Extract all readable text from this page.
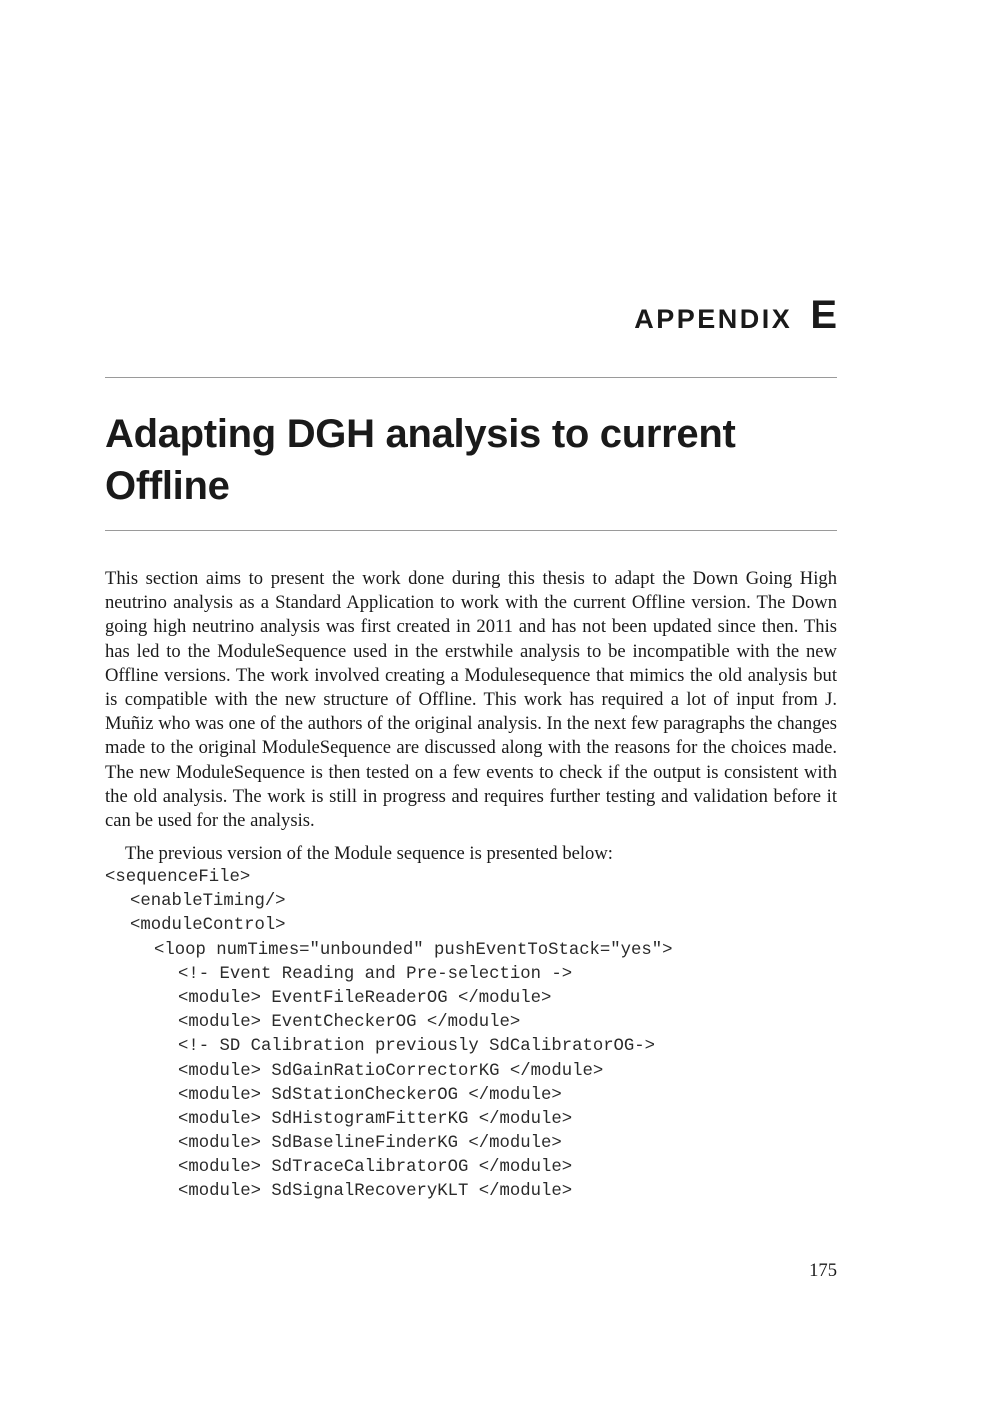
APPENDIX E
Adapting DGH analysis to current Offline

This section aims to present the work done during this thesis to adapt the Down Going High neutrino analysis as a Standard Application to work with the current Offline version. The Down going high neutrino analysis was first created in 2011 and has not been updated since then. This has led to the ModuleSequence used in the erstwhile analysis to be incompatible with the new Offline versions. The work involved creating a Modulesequence that mimics the old analysis but is compatible with the new structure of Offline. This work has required a lot of input from J. Muñiz who was one of the authors of the original analysis. In the next few paragraphs the changes made to the original ModuleSequence are discussed along with the reasons for the choices made. The new ModuleSequence is then tested on a few events to check if the output is consistent with the old analysis. The work is still in progress and requires further testing and validation before it can be used for the analysis.

The previous version of the Module sequence is presented below:

<sequenceFile>
<enableTiming/>
<moduleControl>
<loop numTimes="unbounded" pushEventToStack="yes">
<!- Event Reading and Pre-selection ->
<module> EventFileReaderOG </module>
<module> EventCheckerOG </module>
<!- SD Calibration previously SdCalibratorOG->
<module> SdGainRatioCorrectorKG </module>
<module> SdStationCheckerOG </module>
<module> SdHistogramFitterKG </module>
<module> SdBaselineFinderKG </module>
<module> SdTraceCalibratorOG </module>
<module> SdSignalRecoveryKLT </module>
175
